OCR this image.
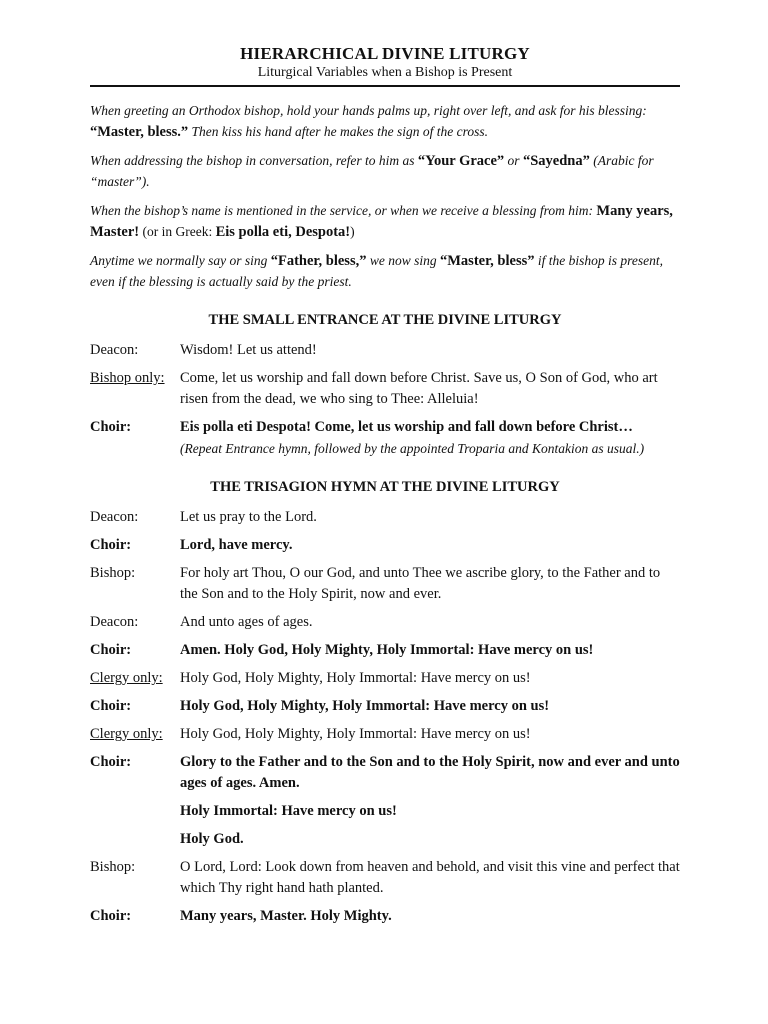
HIERARCHICAL DIVINE LITURGY
Liturgical Variables when a Bishop is Present

When greeting an Orthodox bishop, hold your hands palms up, right over left, and ask for his blessing:
“Master, bless.” Then kiss his hand after he makes the sign of the cross.

When addressing the bishop in conversation, refer to him as “Your Grace” or “Sayedna” (Arabic for “master”).

When the bishop’s name is mentioned in the service, or when we receive a blessing from him: Many years, Master! (or in Greek: Eis polla eti, Despota!)

Anytime we normally say or sing “Father, bless,” we now sing “Master, bless” if the bishop is present, even if the blessing is actually said by the priest.

THE SMALL ENTRANCE AT THE DIVINE LITURGY
Deacon:	Wisdom! Let us attend!
Bishop only:	Come, let us worship and fall down before Christ. Save us, O Son of God, who art risen from the dead, we who sing to Thee: Alleluia!
Choir:	Eis polla eti Despota! Come, let us worship and fall down before Christ…
(Repeat Entrance hymn, followed by the appointed Troparia and Kontakion as usual.)
THE TRISAGION HYMN AT THE DIVINE LITURGY
Deacon:	Let us pray to the Lord.
Choir:	Lord, have mercy.
Bishop:	For holy art Thou, O our God, and unto Thee we ascribe glory, to the Father and to the Son and to the Holy Spirit, now and ever.
Deacon:	And unto ages of ages.
Choir:	Amen. Holy God, Holy Mighty, Holy Immortal: Have mercy on us!
Clergy only:	Holy God, Holy Mighty, Holy Immortal: Have mercy on us!
Choir:	Holy God, Holy Mighty, Holy Immortal: Have mercy on us!
Clergy only:	Holy God, Holy Mighty, Holy Immortal: Have mercy on us!
Choir:	Glory to the Father and to the Son and to the Holy Spirit, now and ever and unto ages of ages. Amen.
Holy Immortal: Have mercy on us!
Holy God.
Bishop:	O Lord, Lord: Look down from heaven and behold, and visit this vine and perfect that which Thy right hand hath planted.
Choir:	Many years, Master. Holy Mighty.
